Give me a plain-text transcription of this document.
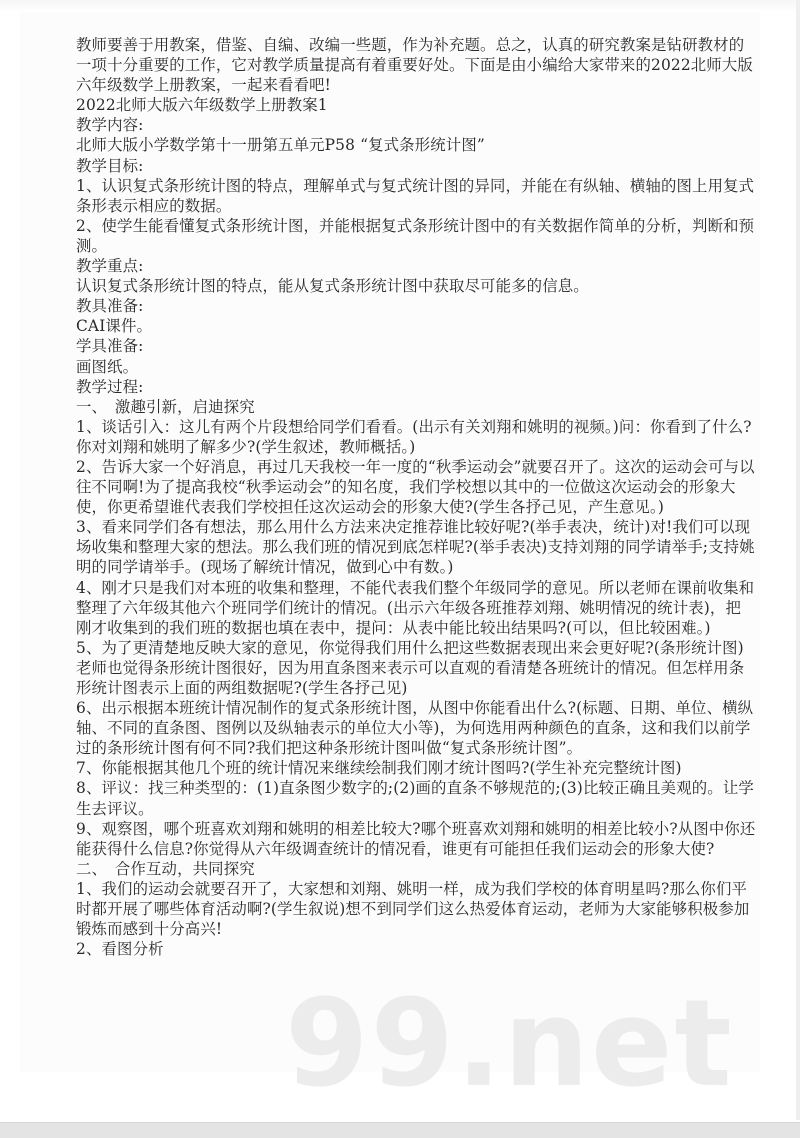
99.net

教师要善于用教案，借鉴、自编、改编一些题，作为补充题。总之，认真的研究教案是钻研教材的一项十分重要的工作，它对教学质量提高有着重要好处。下面是由小编给大家带来的2022北师大版六年级数学上册教案，一起来看看吧!

2022北师大版六年级数学上册教案1

教学内容:

北师大版小学数学第十一册第五单元P58 “复式条形统计图”

教学目标:

1、认识复式条形统计图的特点，理解单式与复式统计图的异同，并能在有纵轴、横轴的图上用复式条形表示相应的数据。

2、使学生能看懂复式条形统计图，并能根据复式条形统计图中的有关数据作简单的分析，判断和预测。

教学重点:

认识复式条形统计图的特点，能从复式条形统计图中获取尽可能多的信息。

教具准备:

CAI课件。

学具准备:

画图纸。

教学过程:

一、　激趣引新，启迪探究

1、谈话引入：这儿有两个片段想给同学们看看。(出示有关刘翔和姚明的视频。)问：你看到了什么?你对刘翔和姚明了解多少?(学生叙述，教师概括。)

2、告诉大家一个好消息，再过几天我校一年一度的“秋季运动会”就要召开了。这次的运动会可与以往不同啊!为了提高我校“秋季运动会”的知名度，我们学校想以其中的一位做这次运动会的形象大使，你更希望谁代表我们学校担任这次运动会的形象大使?(学生各抒己见，产生意见。)

3、看来同学们各有想法，那么用什么方法来决定推荐谁比较好呢?(举手表决，统计)对!我们可以现场收集和整理大家的想法。那么我们班的情况到底怎样呢?(举手表决)支持刘翔的同学请举手;支持姚明的同学请举手。(现场了解统计情况，做到心中有数。)

4、刚才只是我们对本班的收集和整理，不能代表我们整个年级同学的意见。所以老师在课前收集和整理了六年级其他六个班同学们统计的情况。(出示六年级各班推荐刘翔、姚明情况的统计表)，把刚才收集到的我们班的数据也填在表中，提问：从表中能比较出结果吗?(可以，但比较困难。)

5、为了更清楚地反映大家的意见，你觉得我们用什么把这些数据表现出来会更好呢?(条形统计图)老师也觉得条形统计图很好，因为用直条图来表示可以直观的看清楚各班统计的情况。但怎样用条形统计图表示上面的两组数据呢?(学生各抒己见)

6、出示根据本班统计情况制作的复式条形统计图，从图中你能看出什么?(标题、日期、单位、横纵轴、不同的直条图、图例以及纵轴表示的单位大小等)，为何选用两种颜色的直条，这和我们以前学过的条形统计图有何不同?我们把这种条形统计图叫做“复式条形统计图”。

7、你能根据其他几个班的统计情况来继续绘制我们刚才统计图吗?(学生补充完整统计图)

8、评议：找三种类型的：(1)直条图少数字的;(2)画的直条不够规范的;(3)比较正确且美观的。让学生去评议。

9、观察图，哪个班喜欢刘翔和姚明的相差比较大?哪个班喜欢刘翔和姚明的相差比较小?从图中你还能获得什么信息?你觉得从六年级调查统计的情况看，谁更有可能担任我们运动会的形象大使?

二、　合作互动，共同探究

1、我们的运动会就要召开了，大家想和刘翔、姚明一样，成为我们学校的体育明星吗?那么你们平时都开展了哪些体育活动啊?(学生叙说)想不到同学们这么热爱体育运动，老师为大家能够积极参加锻炼而感到十分高兴!

2、看图分析
